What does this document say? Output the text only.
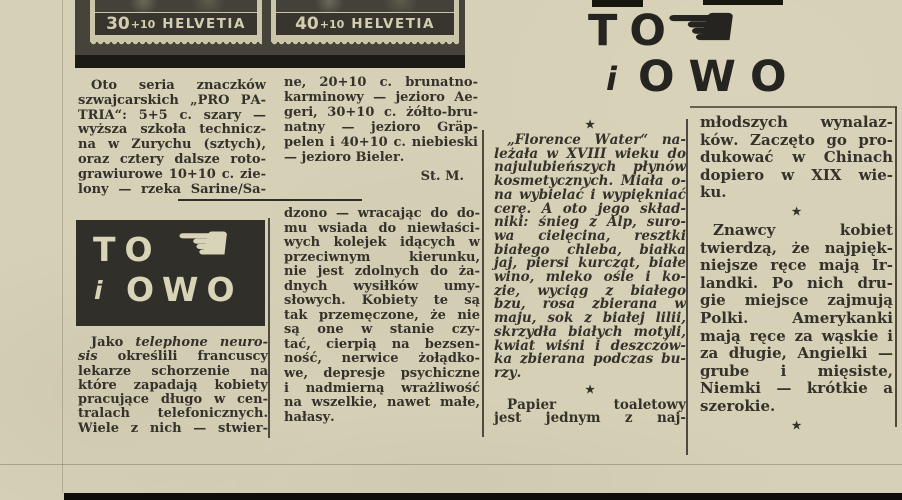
30 +10 HELVETIA	40 +10 HELVETIA
Oto seria znaczków
szwajcarskich „PRO PA-
TRIA“: 5+5 c. szary —
wyższa szkoła technicz-
na w Zurychu (sztych),
oraz cztery dalsze roto-
grawiurowe 10+10 c. zie-
lony — rzeka Sarine/Sa-
ne, 20+10 c. brunatno-
karminowy — jezioro Ae-
geri, 30+10 c. żółto-bru-
natny — jezioro Gräp-
pelen i 40+10 c. niebieski
— jezioro Bieler.
St. M.
TO ☚
i OWO
Jako telephone neuro-
sis określili francuscy
lekarze schorzenie na
które zapadają kobiety
pracujące długo w cen-
tralach telefonicznych.
Wiele z nich — stwier-
dzono — wracając do do-
mu wsiada do niewłaści-
wych kolejek idących w
przeciwnym kierunku,
nie jest zdolnych do ża-
dnych wysiłków umy-
słowych. Kobiety te są
tak przemęczone, że nie
są one w stanie czy-
tać, cierpią na bezsen-
ność, nerwice żołądko-
we, depresje psychiczne
i nadmierną wrażliwość
na wszelkie, nawet małe,
hałasy.
TO
☚
i OWO
★
„Florence Water“ na-
leżała w XVIII wieku do
najulubieńszych płynów
kosmetycznych. Miała o-
na wybielać i wypiękniać
cerę. A oto jego skład-
niki: śnieg z Alp, suro-
wa cielęcina, resztki
białego chleba, białka
jaj, piersi kurcząt, białe
wino, mleko ośle i ko-
zie, wyciąg z białego
bzu, rosa zbierana w
maju, sok z białej lilii,
skrzydła białych motyli,
kwiat wiśni i deszczów-
ka zbierana podczas bu-
rzy.
★
Papier toaletowy
jest jednym z naj-
młodszych wynalaz-
ków. Zaczęto go pro-
dukować w Chinach
dopiero w XIX wie-
ku.
★
Znawcy kobiet
twierdzą, że najpięk-
niejsze ręce mają Ir-
landki. Po nich dru-
gie miejsce zajmują
Polki. Amerykanki
mają ręce za wąskie i
za długie, Angielki —
grube i mięsiste,
Niemki — krótkie a
szerokie.
★
